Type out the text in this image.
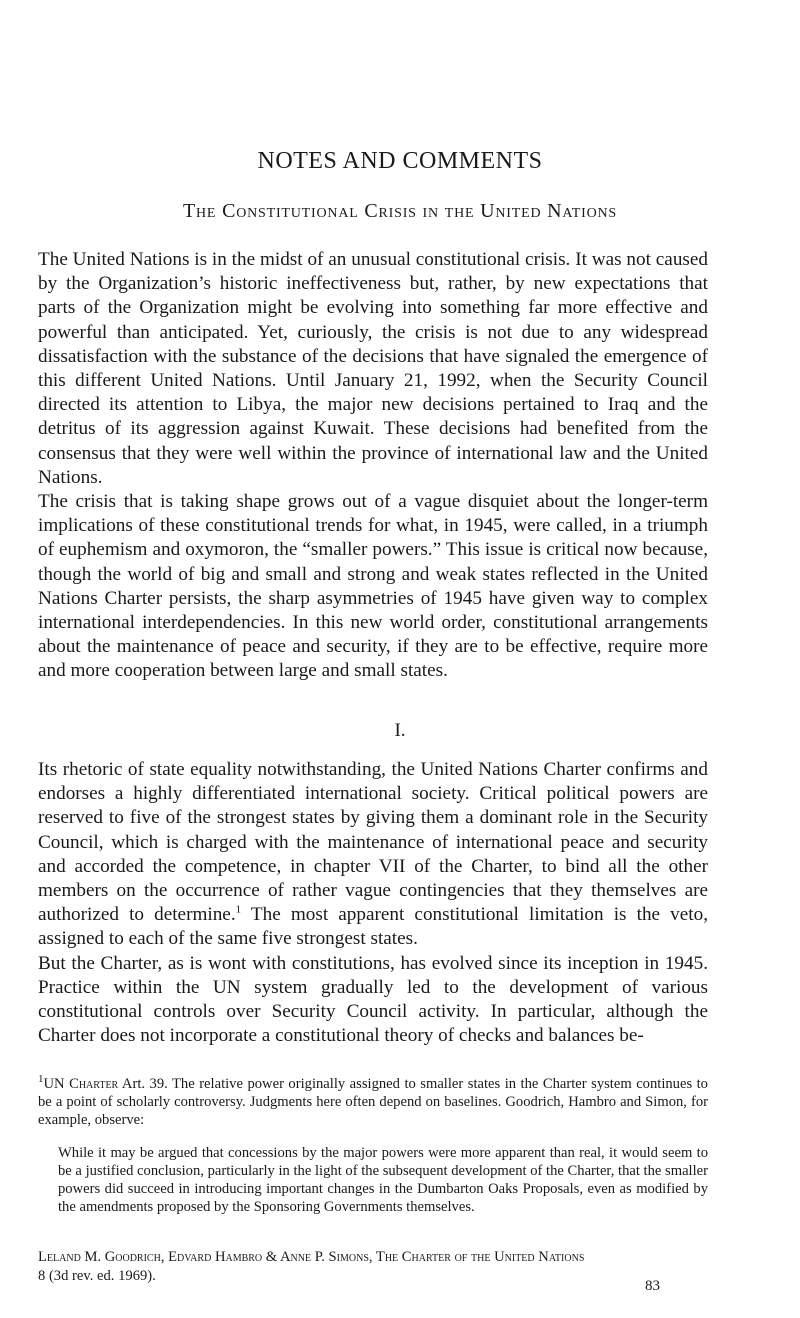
NOTES AND COMMENTS
The Constitutional Crisis in the United Nations

The United Nations is in the midst of an unusual constitutional crisis. It was not caused by the Organization’s historic ineffectiveness but, rather, by new expectations that parts of the Organization might be evolving into something far more effective and powerful than anticipated. Yet, curiously, the crisis is not due to any widespread dissatisfaction with the substance of the decisions that have signaled the emergence of this different United Nations. Until January 21, 1992, when the Security Council directed its attention to Libya, the major new decisions pertained to Iraq and the detritus of its aggression against Kuwait. These decisions had benefited from the consensus that they were well within the province of international law and the United Nations.

The crisis that is taking shape grows out of a vague disquiet about the longer-term implications of these constitutional trends for what, in 1945, were called, in a triumph of euphemism and oxymoron, the “smaller powers.” This issue is critical now because, though the world of big and small and strong and weak states reflected in the United Nations Charter persists, the sharp asymmetries of 1945 have given way to complex international interdependencies. In this new world order, constitutional arrangements about the maintenance of peace and security, if they are to be effective, require more and more cooperation between large and small states.

I.

Its rhetoric of state equality notwithstanding, the United Nations Charter confirms and endorses a highly differentiated international society. Critical political powers are reserved to five of the strongest states by giving them a dominant role in the Security Council, which is charged with the maintenance of international peace and security and accorded the competence, in chapter VII of the Charter, to bind all the other members on the occurrence of rather vague contingencies that they themselves are authorized to determine.$^1$ The most apparent constitutional limitation is the veto, assigned to each of the same five strongest states.

But the Charter, as is wont with constitutions, has evolved since its inception in 1945. Practice within the UN system gradually led to the development of various constitutional controls over Security Council activity. In particular, although the Charter does not incorporate a constitutional theory of checks and balances be-

$^1$UN Charter Art. 39. The relative power originally assigned to smaller states in the Charter system continues to be a point of scholarly controversy. Judgments here often depend on baselines. Goodrich, Hambro and Simon, for example, observe:
While it may be argued that concessions by the major powers were more apparent than real, it would seem to be a justified conclusion, particularly in the light of the subsequent development of the Charter, that the smaller powers did succeed in introducing important changes in the Dumbarton Oaks Proposals, even as modified by the amendments proposed by the Sponsoring Governments themselves.
Leland M. Goodrich, Edvard Hambro & Anne P. Simons, The Charter of the United Nations
8 (3d rev. ed. 1969).
83
